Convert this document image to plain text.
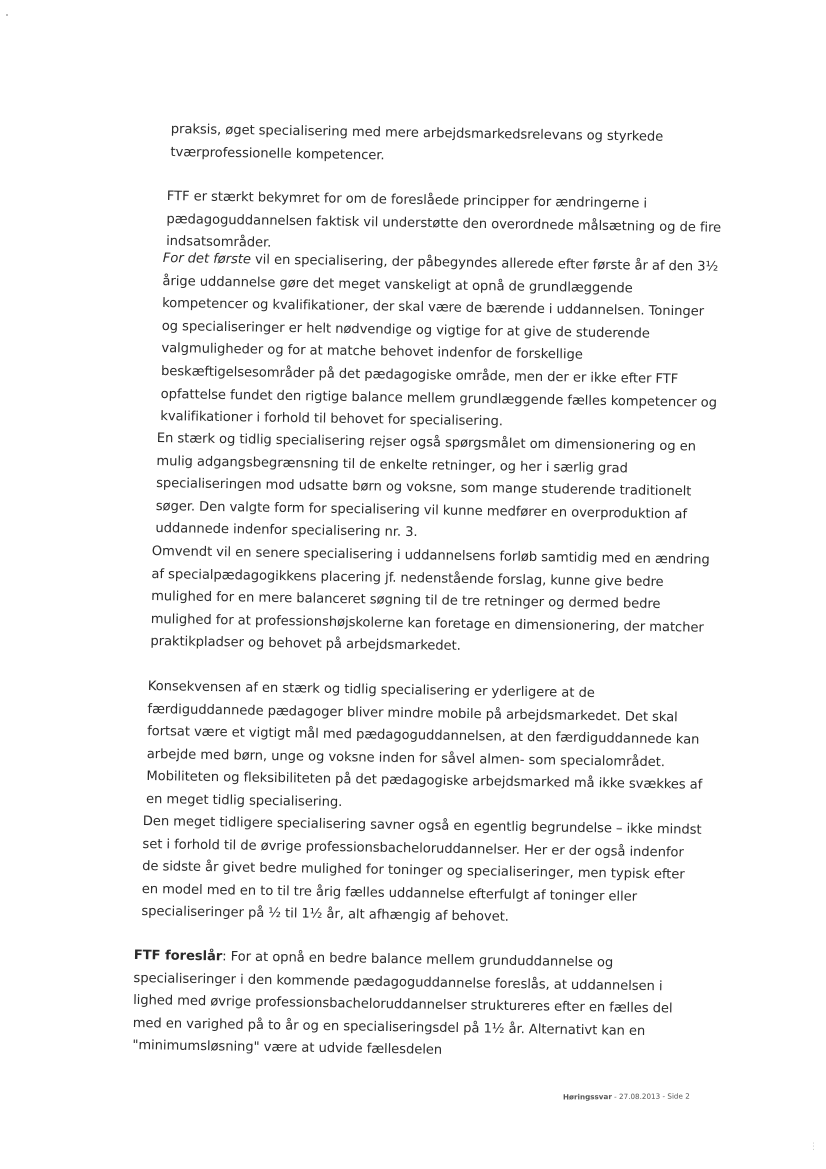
praksis, øget specialisering med mere arbejdsmarkedsrelevans og styrkede tværprofessionelle kompetencer.

FTF er stærkt bekymret for om de foreslåede principper for ændringerne i pædagoguddannelsen faktisk vil understøtte den overordnede målsætning og de fire indsatsområder.

For det første vil en specialisering, der påbegyndes allerede efter første år af den 3½ årige uddannelse gøre det meget vanskeligt at opnå de grundlæggende kompetencer og kvalifikationer, der skal være de bærende i uddannelsen. Toninger og specialiseringer er helt nødvendige og vigtige for at give de studerende valgmuligheder og for at matche behovet indenfor de forskellige beskæftigelsesområder på det pædagogiske område, men der er ikke efter FTF opfattelse fundet den rigtige balance mellem grundlæggende fælles kompetencer og kvalifikationer i forhold til behovet for specialisering.

En stærk og tidlig specialisering rejser også spørgsmålet om dimensionering og en mulig adgangsbegrænsning til de enkelte retninger, og her i særlig grad specialiseringen mod udsatte børn og voksne, som mange studerende traditionelt søger. Den valgte form for specialisering vil kunne medfører en overproduktion af uddannede indenfor specialisering nr. 3.

Omvendt vil en senere specialisering i uddannelsens forløb samtidig med en ændring af specialpædagogikkens placering jf. nedenstående forslag, kunne give bedre mulighed for en mere balanceret søgning til de tre retninger og dermed bedre mulighed for at professionshøjskolerne kan foretage en dimensionering, der matcher praktikpladser og behovet på arbejdsmarkedet.

Konsekvensen af en stærk og tidlig specialisering er yderligere at de færdiguddannede pædagoger bliver mindre mobile på arbejdsmarkedet. Det skal fortsat være et vigtigt mål med pædagoguddannelsen, at den færdiguddannede kan arbejde med børn, unge og voksne inden for såvel almen- som specialområdet. Mobiliteten og fleksibiliteten på det pædagogiske arbejdsmarked må ikke svækkes af en meget tidlig specialisering.

Den meget tidligere specialisering savner også en egentlig begrundelse – ikke mindst set i forhold til de øvrige professionsbacheloruddannelser. Her er der også indenfor de sidste år givet bedre mulighed for toninger og specialiseringer, men typisk efter en model med en to til tre årig fælles uddannelse efterfulgt af toninger eller specialiseringer på ½ til 1½ år, alt afhængig af behovet.

FTF foreslår: For at opnå en bedre balance mellem grunduddannelse og specialiseringer i den kommende pædagoguddannelse foreslås, at uddannelsen i lighed med øvrige professionsbacheloruddannelser struktureres efter en fælles del med en varighed på to år og en specialiseringsdel på 1½ år. Alternativt kan en "minimumsløsning" være at udvide fællesdelen

Høringssvar - 27.08.2013 - Side 2
⋮
